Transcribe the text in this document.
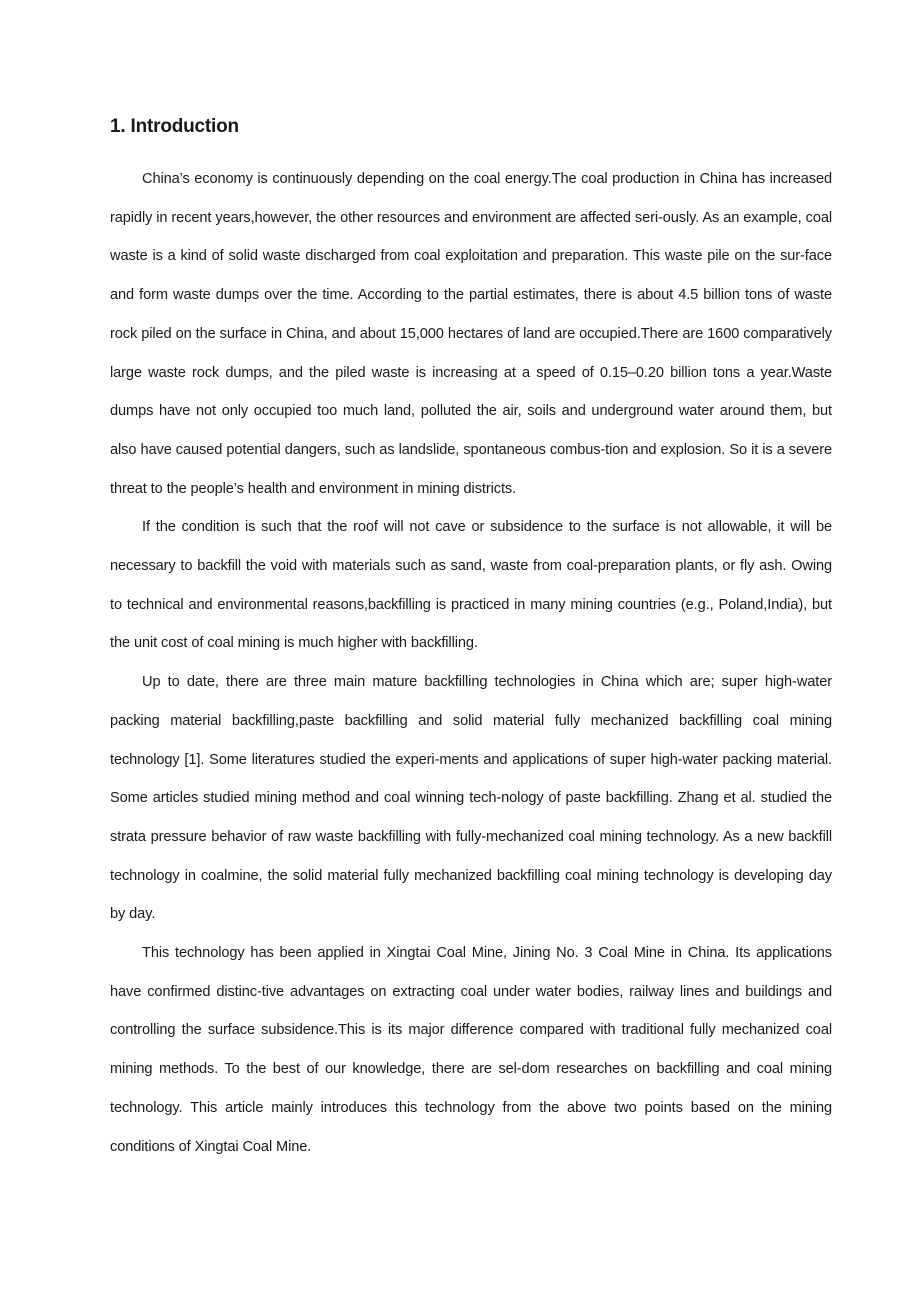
1. Introduction

China’s economy is continuously depending on the coal energy.The coal production in China has increased rapidly in recent years,however, the other resources and environment are affected seri-ously. As an example, coal waste is a kind of solid waste discharged from coal exploitation and preparation. This waste pile on the sur-face and form waste dumps over the time. According to the partial estimates, there is about 4.5 billion tons of waste rock piled on the surface in China, and about 15,000 hectares of land are occupied.There are 1600 comparatively large waste rock dumps, and the piled waste is increasing at a speed of 0.15–0.20 billion tons a year.Waste dumps have not only occupied too much land, polluted the air, soils and underground water around them, but also have caused potential dangers, such as landslide, spontaneous combus-tion and explosion. So it is a severe threat to the people’s health and environment in mining districts.

If the condition is such that the roof will not cave or subsidence to the surface is not allowable, it will be necessary to backfill the void with materials such as sand, waste from coal-preparation plants, or fly ash. Owing to technical and environmental reasons,backfilling is practiced in many mining countries (e.g., Poland,India), but the unit cost of coal mining is much higher with backfilling.

Up to date, there are three main mature backfilling technologies in China which are; super high-water packing material backfilling,paste backfilling and solid material fully mechanized backfilling coal mining technology [1]. Some literatures studied the experi-ments and applications of super high-water packing material. Some articles studied mining method and coal winning tech-nology of paste backfilling. Zhang et al. studied the strata pressure behavior of raw waste backfilling with fully-mechanized coal mining technology. As a new backfill technology in coalmine, the solid material fully mechanized backfilling coal mining technology is developing day by day.

This technology has been applied in Xingtai Coal Mine, Jining No. 3 Coal Mine in China. Its applications have confirmed distinc-tive advantages on extracting coal under water bodies, railway lines and buildings and controlling the surface subsidence.This is its major difference compared with traditional fully mechanized coal mining methods. To the best of our knowledge, there are sel-dom researches on backfilling and coal mining technology. This article mainly introduces this technology from the above two points based on the mining conditions of Xingtai Coal Mine.
